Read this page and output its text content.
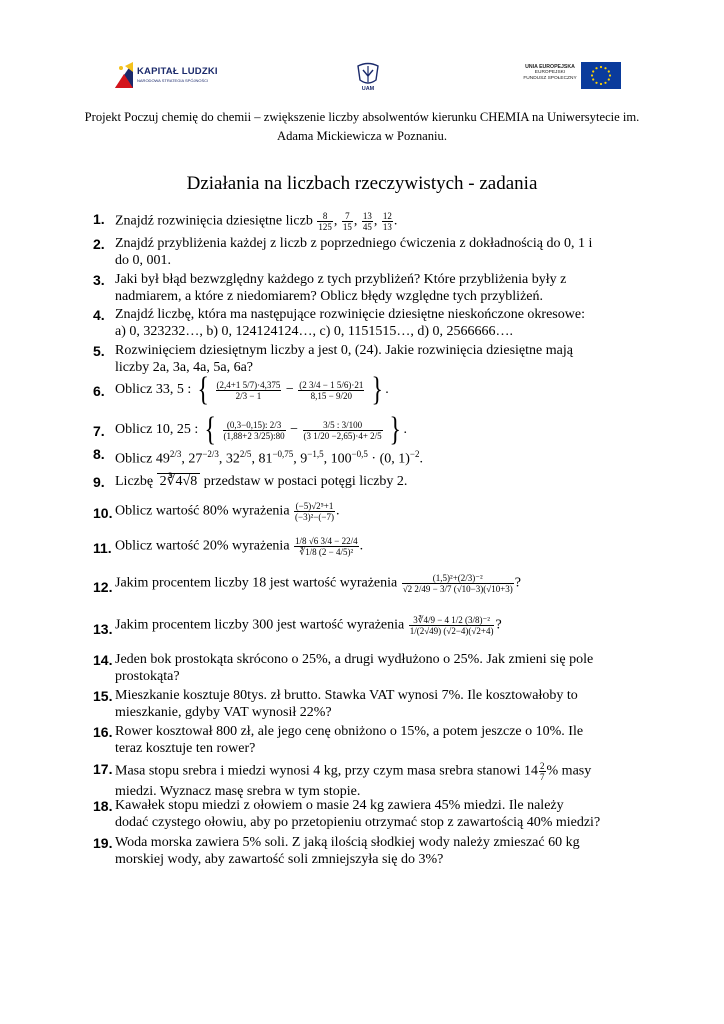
KAPITAŁ LUDZKI
NARODOWA STRATEGIA SPÓJNOŚCI
UAM
UNIA EUROPEJSKA
EUROPEJSKI
FUNDUSZ SPOŁECZNY
Projekt Poczuj chemię do chemii – zwiększenie liczby absolwentów kierunku CHEMIA na Uniwersytecie im.
Adama Mickiewicza w Poznaniu.
Działania na liczbach rzeczywistych - zadania
1. Znajdź rozwinięcia dziesiętne liczb $\frac{8}{125}$ , $\frac{7}{15}$ , $\frac{13}{45}$ , $\frac{12}{13}$ .
2. Znajdź przybliżenia każdej z liczb z poprzedniego ćwiczenia z dokładnością do 0, 1 i
do 0, 001.
3. Jaki był błąd bezwzględny każdego z tych przybliżeń? Które przybliżenia były z
nadmiarem, a które z niedomiarem? Oblicz błędy względne tych przybliżeń.
4. Znajdź liczbę, która ma następujące rozwinięcie dziesiętne nieskończone okresowe:
a) 0, 323232…, b) 0, 124124124…, c) 0, 1151515…, d) 0, 2566666….
5. Rozwinięciem dziesiętnym liczby a jest 0, (24). Jakie rozwinięcia dziesiętne mają
liczby 2a, 3a, 4a, 5a, 6a?
6. Oblicz 33, 5 : { $\frac{(2,4+1 5/7)\cdot 4,375}{2/3 - 1} - \frac{(2 3/4 - 1 5/6)\cdot 21}{8,15 - 9/20}$ } .
7. Oblicz 10, 25 : { $\frac{(0,3-0,15): 2/3}{(1,88+2 3/25):80} - \frac{3/5 : 3/100}{(3 1/20 -2,65)\cdot 4+ 2/5}$ } .
8. Oblicz $49^{2/3}$, $27^{-2/3}$, $32^{2/5}$, $81^{-0,75}$, $9^{-1,5}$, $100^{-0,5} \cdot (0$, 1)$^{-2}$.
9. Liczbę 2∛4√8 przedstaw w postaci potęgi liczby 2.
10. Oblicz wartość 80% wyrażenia $\frac{\text{(−5)√2⁵+1}}{\text{(−3)²−(−7)}}$ .
11. Oblicz wartość 20% wyrażenia $\frac{1/8 √6 3/4 - 22/4}{\text{∛1/8 (2 − 4/5)²}}$ .
12. Jakim procentem liczby 18 jest wartość wyrażenia $\frac{\text{(1,5)²+(2/3)⁻²}}{√2 2/49 - 3/7 (√10-3)(√10+3)}$ ?
13. Jakim procentem liczby 300 jest wartość wyrażenia $\frac{\text{3∛4/9 − 4 1/2 (3/8)⁻²}}{1/(2√49) (√2-4)(√2+4)}$ ?
14. Jeden bok prostokąta skrócono o 25%, a drugi wydłużono o 25%. Jak zmieni się pole
prostokąta?
15. Mieszkanie kosztuje 80tys. zł brutto. Stawka VAT wynosi 7%. Ile kosztowałoby to
mieszkanie, gdyby VAT wynosił 22%?
16. Rower kosztował 800 zł, ale jego cenę obniżono o 15%, a potem jeszcze o 10%. Ile
teraz kosztuje ten rower?
17. Masa stopu srebra i miedzi wynosi 4 kg, przy czym masa srebra stanowi $14 \frac{2}{7}$ % masy
miedzi. Wyznacz masę srebra w tym stopie.
18. Kawałek stopu miedzi z ołowiem o masie 24 kg zawiera 45% miedzi. Ile należy
dodać czystego ołowiu, aby po przetopieniu otrzymać stop z zawartością 40% miedzi?
19. Woda morska zawiera 5% soli. Z jaką ilością słodkiej wody należy zmieszać 60 kg
morskiej wody, aby zawartość soli zmniejszyła się do 3%?
